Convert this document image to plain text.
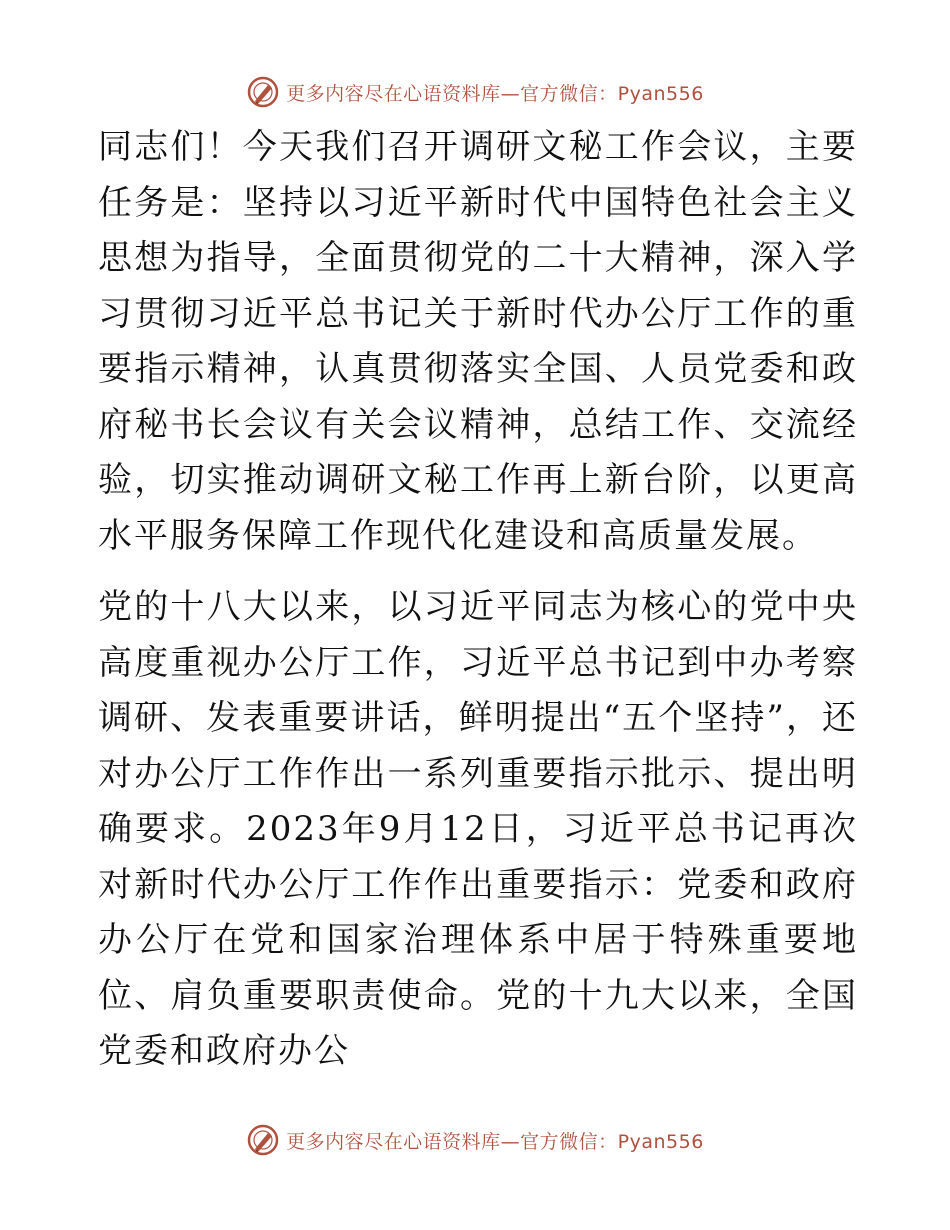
更多内容尽在心语资料库—官方微信：Pyan556

同志们！今天我们召开调研文秘工作会议，主要任务是：坚持以习近平新时代中国特色社会主义思想为指导，全面贯彻党的二十大精神，深入学习贯彻习近平总书记关于新时代办公厅工作的重要指示精神，认真贯彻落实全国、人员党委和政府秘书长会议有关会议精神，总结工作、交流经验，切实推动调研文秘工作再上新台阶，以更高水平服务保障工作现代化建设和高质量发展。

党的十八大以来，以习近平同志为核心的党中央高度重视办公厅工作，习近平总书记到中办考察调研、发表重要讲话，鲜明提出“五个坚持”，还对办公厅工作作出一系列重要指示批示、提出明确要求。2023年9月12日，习近平总书记再次对新时代办公厅工作作出重要指示：党委和政府办公厅在党和国家治理体系中居于特殊重要地位、肩负重要职责使命。党的十九大以来，全国党委和政府办公

更多内容尽在心语资料库—官方微信：Pyan556
